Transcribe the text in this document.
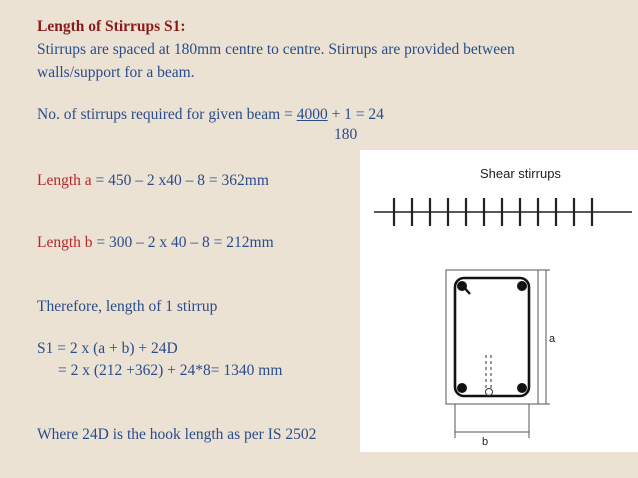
Length of Stirrups S1:
Stirrups are spaced at 180mm centre to centre. Stirrups are provided between
walls/support for a beam.
No. of stirrups required for given beam = 4000 + 1 = 24
180
Length a = 450 – 2 x40 – 8 = 362mm
Length b = 300 – 2 x 40 – 8 = 212mm
Therefore, length of 1 stirrup
S1 = 2 x (a + b) + 24D
= 2 x (212 +362) + 24*8= 1340 mm
Where 24D is the hook length as per IS 2502
Shear stirrups
a
b
